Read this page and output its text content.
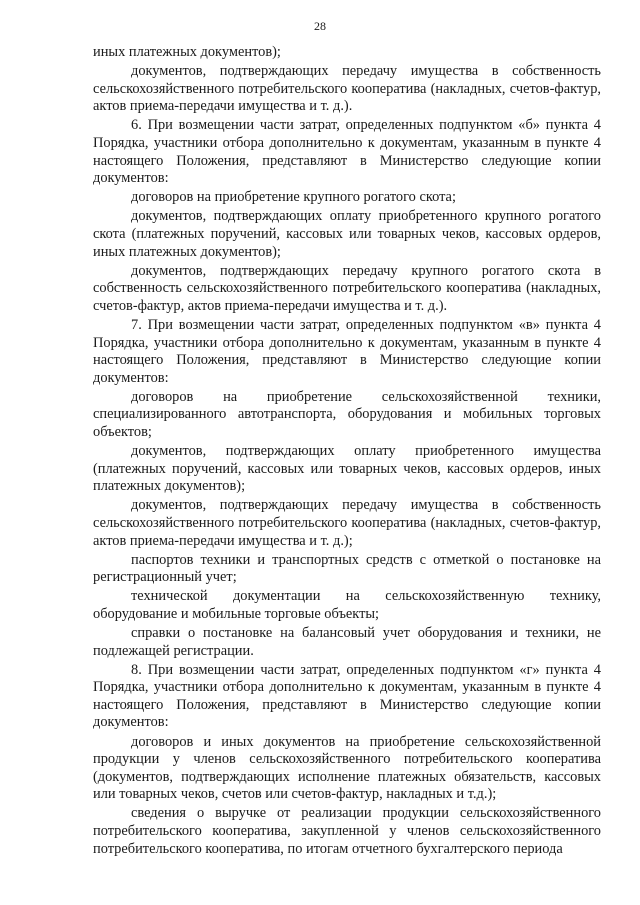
28

иных платежных документов);

документов, подтверждающих передачу имущества в собственность сельскохозяйственного потребительского кооператива (накладных, счетов-фактур, актов приема-передачи имущества и т. д.).

6. При возмещении части затрат, определенных подпунктом «б» пункта 4 Порядка, участники отбора дополнительно к документам, указанным в пункте 4 настоящего Положения, представляют в Министерство следующие копии документов:

договоров на приобретение крупного рогатого скота;

документов, подтверждающих оплату приобретенного крупного рогатого скота (платежных поручений, кассовых или товарных чеков, кассовых ордеров, иных платежных документов);

документов, подтверждающих передачу крупного рогатого скота в собственность сельскохозяйственного потребительского кооператива (накладных, счетов-фактур, актов приема-передачи имущества и т. д.).

7. При возмещении части затрат, определенных подпунктом «в» пункта 4 Порядка, участники отбора дополнительно к документам, указанным в пункте 4 настоящего Положения, представляют в Министерство следующие копии документов:

договоров на приобретение сельскохозяйственной техники, специализированного автотранспорта, оборудования и мобильных торговых объектов;

документов, подтверждающих оплату приобретенного имущества (платежных поручений, кассовых или товарных чеков, кассовых ордеров, иных платежных документов);

документов, подтверждающих передачу имущества в собственность сельскохозяйственного потребительского кооператива (накладных, счетов-фактур, актов приема-передачи имущества и т. д.);

паспортов техники и транспортных средств с отметкой о постановке на регистрационный учет;

технической документации на сельскохозяйственную технику, оборудование и мобильные торговые объекты;

справки о постановке на балансовый учет оборудования и техники, не подлежащей регистрации.

8. При возмещении части затрат, определенных подпунктом «г» пункта 4 Порядка, участники отбора дополнительно к документам, указанным в пункте 4 настоящего Положения, представляют в Министерство следующие копии документов:

договоров и иных документов на приобретение сельскохозяйственной продукции у членов сельскохозяйственного потребительского кооператива (документов, подтверждающих исполнение платежных обязательств, кассовых или товарных чеков, счетов или счетов-фактур, накладных и т.д.);

сведения о выручке от реализации продукции сельскохозяйственного потребительского кооператива, закупленной у членов сельскохозяйственного потребительского кооператива, по итогам отчетного бухгалтерского периода
